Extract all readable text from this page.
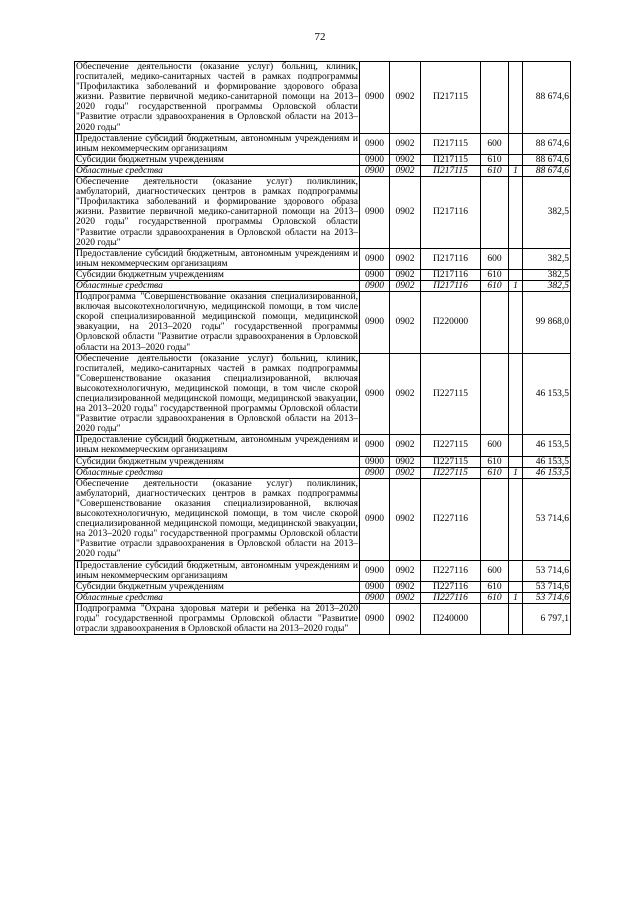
72
Обеспечение деятельности (оказание услуг) больниц, клиник, госпиталей, медико-санитарных частей в рамках подпрограммы "Профилактика заболеваний и формирование здорового образа жизни. Развитие первичной медико-санитарной помощи на 2013–2020 годы" государственной программы Орловской области "Развитие отрасли здравоохранения в Орловской области на 2013–2020 годы"	0900	0902	П217115			88 674,6
Предоставление субсидий бюджетным, автономным учреждениям и иным некоммерческим организациям	0900	0902	П217115	600		88 674,6
Субсидии бюджетным учреждениям	0900	0902	П217115	610		88 674,6
Областные средства	0900	0902	П217115	610	1	88 674,6
Обеспечение деятельности (оказание услуг) поликлиник, амбулаторий, диагностических центров в рамках подпрограммы "Профилактика заболеваний и формирование здорового образа жизни. Развитие первичной медико-санитарной помощи на 2013–2020 годы" государственной программы Орловской области "Развитие отрасли здравоохранения в Орловской области на 2013–2020 годы"	0900	0902	П217116			382,5
Предоставление субсидий бюджетным, автономным учреждениям и иным некоммерческим организациям	0900	0902	П217116	600		382,5
Субсидии бюджетным учреждениям	0900	0902	П217116	610		382,5
Областные средства	0900	0902	П217116	610	1	382,5
Подпрограмма "Совершенствование оказания специализированной, включая высокотехнологичную, медицинской помощи, в том числе скорой специализированной медицинской помощи, медицинской эвакуации, на 2013–2020 годы" государственной программы Орловской области "Развитие отрасли здравоохранения в Орловской области на 2013–2020 годы"	0900	0902	П220000			99 868,0
Обеспечение деятельности (оказание услуг) больниц, клиник, госпиталей, медико-санитарных частей в рамках подпрограммы "Совершенствование оказания специализированной, включая высокотехнологичную, медицинской помощи, в том числе скорой специализированной медицинской помощи, медицинской эвакуации, на 2013–2020 годы" государственной программы Орловской области "Развитие отрасли здравоохранения в Орловской области на 2013–2020 годы"	0900	0902	П227115			46 153,5
Предоставление субсидий бюджетным, автономным учреждениям и иным некоммерческим организациям	0900	0902	П227115	600		46 153,5
Субсидии бюджетным учреждениям	0900	0902	П227115	610		46 153,5
Областные средства	0900	0902	П227115	610	1	46 153,5
Обеспечение деятельности (оказание услуг) поликлиник, амбулаторий, диагностических центров в рамках подпрограммы "Совершенствование оказания специализированной, включая высокотехнологичную, медицинской помощи, в том числе скорой специализированной медицинской помощи, медицинской эвакуации, на 2013–2020 годы" государственной программы Орловской области "Развитие отрасли здравоохранения в Орловской области на 2013–2020 годы"	0900	0902	П227116			53 714,6
Предоставление субсидий бюджетным, автономным учреждениям и иным некоммерческим организациям	0900	0902	П227116	600		53 714,6
Субсидии бюджетным учреждениям	0900	0902	П227116	610		53 714,6
Областные средства	0900	0902	П227116	610	1	53 714,6
Подпрограмма "Охрана здоровья матери и ребенка на 2013–2020 годы" государственной программы Орловской области "Развитие отрасли здравоохранения в Орловской области на 2013–2020 годы"	0900	0902	П240000			6 797,1
